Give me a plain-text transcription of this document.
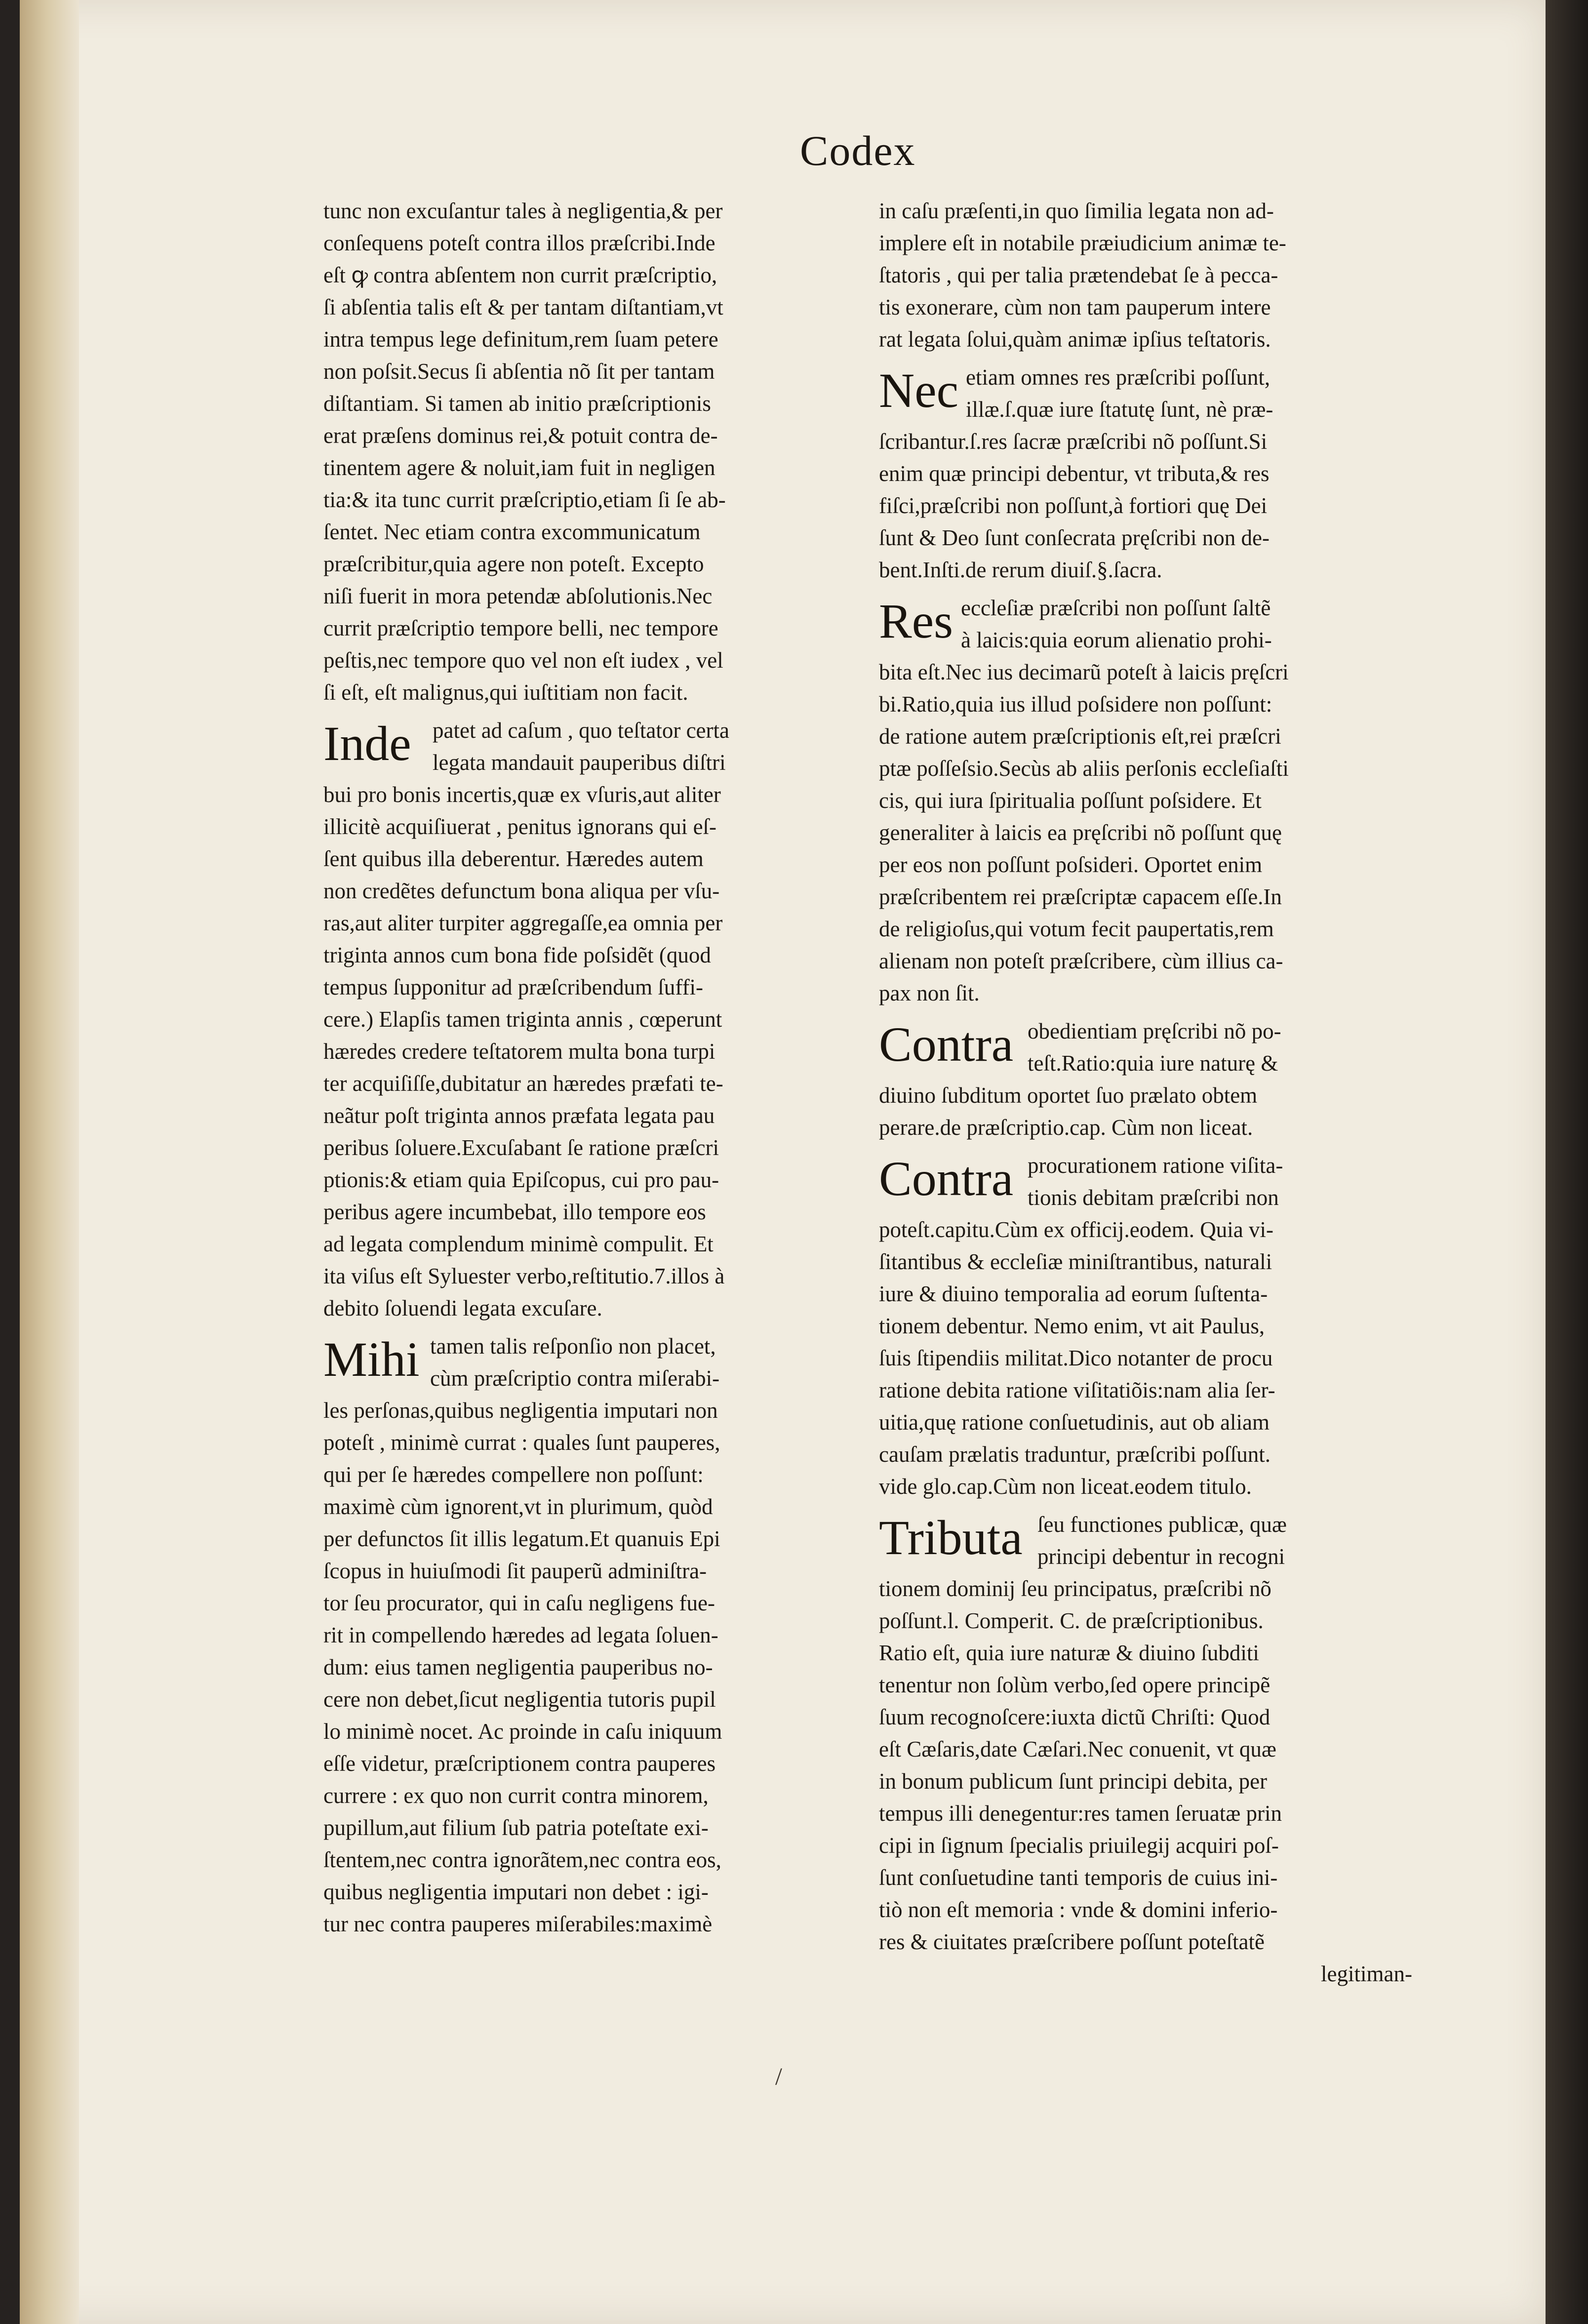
Codex
tunc non excuſantur tales à negligentia,& per
conſequens poteſt contra illos præſcribi.Inde
eſt ꝙ contra abſentem non currit præſcriptio,
ſi abſentia talis eſt & per tantam diſtantiam,vt
intra tempus lege definitum,rem ſuam petere
non poſsit.Secus ſi abſentia nõ ſit per tantam
diſtantiam. Si tamen ab initio præſcriptionis
erat præſens dominus rei,& potuit contra de-
tinentem agere & noluit,iam fuit in negligen
tia:& ita tunc currit præſcriptio,etiam ſi ſe ab-
ſentet. Nec etiam contra excommunicatum
præſcribitur,quia agere non poteſt. Excepto
niſi fuerit in mora petendæ abſolutionis.Nec
currit præſcriptio tempore belli, nec tempore
peſtis,nec tempore quo vel non eſt iudex , vel
ſi eſt, eſt malignus,qui iuſtitiam non facit.
Inde patet ad caſum , quo teſtator certa
legata mandauit pauperibus diſtri
bui pro bonis incertis,quæ ex vſuris,aut aliter
illicitè acquiſiuerat , penitus ignorans qui eſ-
ſent quibus illa deberentur. Hæredes autem
non credẽtes defunctum bona aliqua per vſu-
ras,aut aliter turpiter aggregaſſe,ea omnia per
triginta annos cum bona fide poſsidẽt (quod
tempus ſupponitur ad præſcribendum ſuffi-
cere.) Elapſis tamen triginta annis , cœperunt
hæredes credere teſtatorem multa bona turpi
ter acquiſiſſe,dubitatur an hæredes præfati te-
neãtur poſt triginta annos præfata legata pau
peribus ſoluere.Excuſabant ſe ratione præſcri
ptionis:& etiam quia Epiſcopus, cui pro pau-
peribus agere incumbebat, illo tempore eos
ad legata complendum minimè compulit. Et
ita viſus eſt Syluester verbo,reſtitutio.7.illos à
debito ſoluendi legata excuſare.
Mihi tamen talis reſponſio non placet,
cùm præſcriptio contra miſerabi-
les perſonas,quibus negligentia imputari non
poteſt , minimè currat : quales ſunt pauperes,
qui per ſe hæredes compellere non poſſunt:
maximè cùm ignorent,vt in plurimum, quòd
per defunctos ſit illis legatum.Et quanuis Epi
ſcopus in huiuſmodi ſit pauperũ adminiſtra-
tor ſeu procurator, qui in caſu negligens fue-
rit in compellendo hæredes ad legata ſoluen-
dum: eius tamen negligentia pauperibus no-
cere non debet,ſicut negligentia tutoris pupil
lo minimè nocet. Ac proinde in caſu iniquum
eſſe videtur, præſcriptionem contra pauperes
currere : ex quo non currit contra minorem,
pupillum,aut filium ſub patria poteſtate exi-
ſtentem,nec contra ignorãtem,nec contra eos,
quibus negligentia imputari non debet : igi-
tur nec contra pauperes miſerabiles:maximè
in caſu præſenti,in quo ſimilia legata non ad-
implere eſt in notabile præiudicium animæ te-
ſtatoris , qui per talia prætendebat ſe à pecca-
tis exonerare, cùm non tam pauperum intere
rat legata ſolui,quàm animæ ipſius teſtatoris.
Nec etiam omnes res præſcribi poſſunt,
illæ.ſ.quæ iure ſtatutę ſunt, nè præ-
ſcribantur.ſ.res ſacræ præſcribi nõ poſſunt.Si
enim quæ principi debentur, vt tributa,& res
fiſci,præſcribi non poſſunt,à fortiori quę Dei
ſunt & Deo ſunt conſecrata pręſcribi non de-
bent.Inſti.de rerum diuiſ.§.ſacra.
Res eccleſiæ præſcribi non poſſunt ſaltẽ
à laicis:quia eorum alienatio prohi-
bita eſt.Nec ius decimarũ poteſt à laicis pręſcri
bi.Ratio,quia ius illud poſsidere non poſſunt:
de ratione autem præſcriptionis eſt,rei præſcri
ptæ poſſeſsio.Secùs ab aliis perſonis eccleſiaſti
cis, qui iura ſpiritualia poſſunt poſsidere. Et
generaliter à laicis ea pręſcribi nõ poſſunt quę
per eos non poſſunt poſsideri. Oportet enim
præſcribentem rei præſcriptæ capacem eſſe.In
de religioſus,qui votum fecit paupertatis,rem
alienam non poteſt præſcribere, cùm illius ca-
pax non ſit.
Contra obedientiam pręſcribi nõ po-
teſt.Ratio:quia iure naturę &
diuino ſubditum oportet ſuo prælato obtem
perare.de præſcriptio.cap. Cùm non liceat.
Contra procurationem ratione viſita-
tionis debitam præſcribi non
poteſt.capitu.Cùm ex officij.eodem. Quia vi-
ſitantibus & eccleſiæ miniſtrantibus, naturali
iure & diuino temporalia ad eorum ſuſtenta-
tionem debentur. Nemo enim, vt ait Paulus,
ſuis ſtipendiis militat.Dico notanter de procu
ratione debita ratione viſitatiõis:nam alia ſer-
uitia,quę ratione conſuetudinis, aut ob aliam
cauſam prælatis traduntur, præſcribi poſſunt.
vide glo.cap.Cùm non liceat.eodem titulo.
Tributa ſeu functiones publicæ, quæ
principi debentur in recogni
tionem dominij ſeu principatus, præſcribi nõ
poſſunt.l. Comperit. C. de præſcriptionibus.
Ratio eſt, quia iure naturæ & diuino ſubditi
tenentur non ſolùm verbo,ſed opere principẽ
ſuum recognoſcere:iuxta dictũ Chriſti: Quod
eſt Cæſaris,date Cæſari.Nec conuenit, vt quæ
in bonum publicum ſunt principi debita, per
tempus illi denegentur:res tamen ſeruatæ prin
cipi in ſignum ſpecialis priuilegij acquiri poſ-
ſunt conſuetudine tanti temporis de cuius ini-
tiò non eſt memoria : vnde & domini inferio-
res & ciuitates præſcribere poſſunt poteſtatẽ
legitiman-
/
